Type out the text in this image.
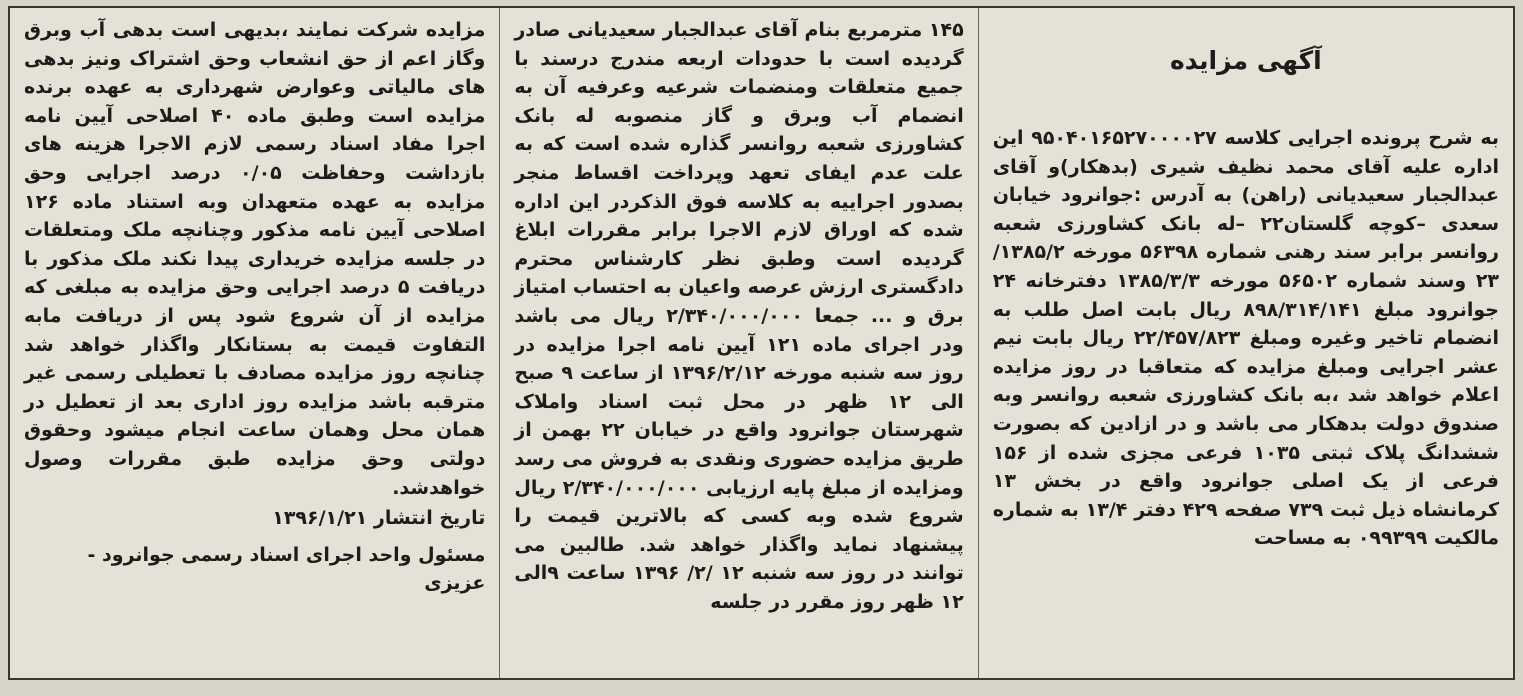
آگهی مزایده

به شرح پرونده اجرایی کلاسه ۹۵۰۴۰۱۶۵۲۷۰۰۰۰۲۷ این اداره علیه آقای محمد نظیف شیری (بدهکار)و آقای عبدالجبار سعیدیانی (راهن) به آدرس :جوانرود خیابان سعدی –کوچه گلستان۲۲ –له بانک کشاورزی شعبه روانسر برابر سند رهنی شماره ۵۶۳۹۸ مورخه ۱۳۸۵/۲/ ۲۳ وسند شماره ۵۶۵۰۲ مورخه ۱۳۸۵/۳/۳ دفترخانه ۲۴ جوانرود مبلغ ۸۹۸/۳۱۴/۱۴۱ ریال بابت اصل طلب به انضمام تاخیر وغیره ومبلغ ۲۲/۴۵۷/۸۲۳ ریال بابت نیم عشر اجرایی ومبلغ مزایده که متعاقبا در روز مزایده اعلام خواهد شد ،به بانک کشاورزی شعبه روانسر وبه صندوق دولت بدهکار می باشد و در ازادین که بصورت ششدانگ پلاک ثبتی ۱۰۳۵ فرعی مجزی شده از ۱۵۶ فرعی از یک اصلی جوانرود واقع در بخش ۱۳ کرمانشاه ذیل ثبت ۷۳۹ صفحه ۴۲۹ دفتر ۱۳/۴ به شماره مالکیت ۰۹۹۳۹۹ به مساحت

۱۴۵ مترمربع بنام آقای عبدالجبار سعیدیانی صادر گردیده است با حدودات اربعه مندرج درسند با جمیع متعلقات ومنضمات شرعیه وعرفیه آن به انضمام آب وبرق و گاز منصوبه له بانک کشاورزی شعبه روانسر گذاره شده است که به علت عدم ایفای تعهد وپرداخت اقساط منجر بصدور اجراییه به کلاسه فوق الذکردر این اداره شده که اوراق لازم الاجرا برابر مقررات ابلاغ گردیده است وطبق نظر کارشناس محترم دادگستری ارزش عرصه واعیان به احتساب امتیاز برق و ... جمعا ۲/۳۴۰/۰۰۰/۰۰۰ ریال می باشد ودر اجرای ماده ۱۲۱ آیین نامه اجرا مزایده در روز سه شنبه مورخه ۱۳۹۶/۲/۱۲ از ساعت ۹ صبح الی ۱۲ ظهر در محل ثبت اسناد واملاک شهرستان جوانرود واقع در خیابان ۲۲ بهمن از طریق مزایده حضوری ونقدی به فروش می رسد ومزایده از مبلغ پایه ارزیابی ۲/۳۴۰/۰۰۰/۰۰۰ ریال شروع شده وبه کسی که بالاترین قیمت را پیشنهاد نماید واگذار خواهد شد. طالبین می توانند در روز سه شنبه ۱۲ /۲/ ۱۳۹۶ ساعت ۹الی ۱۲ ظهر روز مقرر در جلسه

مزایده شرکت نمایند ،بدیهی است بدهی آب وبرق وگاز اعم از حق انشعاب وحق اشتراک ونیز بدهی های مالیاتی وعوارض شهرداری به عهده برنده مزایده است وطبق ماده ۴۰ اصلاحی آیین نامه اجرا مفاد اسناد رسمی لازم الاجرا هزینه های بازداشت وحفاظت ۰/۰۵ درصد اجرایی وحق مزایده به عهده متعهدان وبه استناد ماده ۱۲۶ اصلاحی آیین نامه مذکور وچنانچه ملک ومتعلقات در جلسه مزایده خریداری پیدا نکند ملک مذکور با دریافت ۵ درصد اجرایی وحق مزایده به مبلغی که مزایده از آن شروع شود پس از دریافت مابه التفاوت قیمت به بستانکار واگذار خواهد شد چنانچه روز مزایده مصادف با تعطیلی رسمی غیر مترقبه باشد مزایده روز اداری بعد از تعطیل در همان محل وهمان ساعت انجام میشود وحقوق دولتی وحق مزایده طبق مقررات وصول خواهدشد.

تاریخ انتشار ۱۳۹۶/۱/۲۱

مسئول واحد اجرای اسناد رسمی جوانرود - عزیزی
